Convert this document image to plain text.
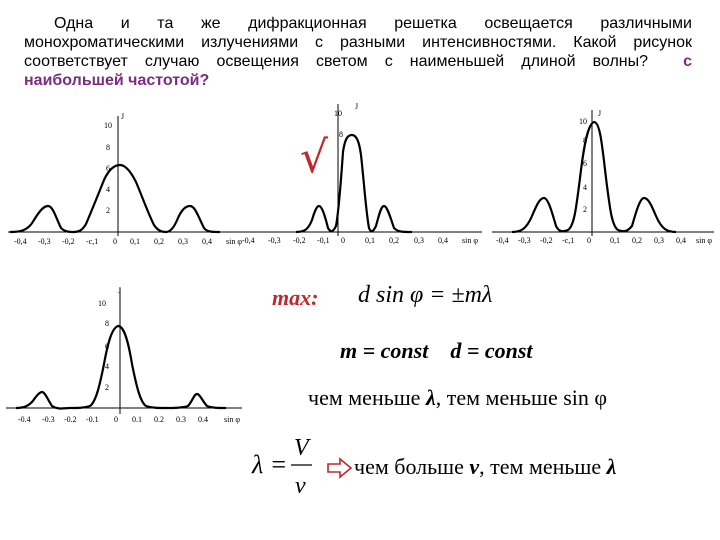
Одна и та же дифракционная решетка освещается различными монохроматическими излучениями с разными интенсивностями. Какой рисунок соответствует случаю освещения светом с наименьшей длиной волны? с наибольшей частотой?
J
10
8
6
4
2
-0,4 -0,3 -0,2 -c,1 0 0,1 0,2 0,3 0,4 sin φ
J
10
8
-0,4 -0,3 -0,2 -0,1 0	0,1 0,2 0,3 0,4 sin φ
J
10
8
6
4
2
-0,4 -0,3 -0,2 -c,1 0 0,1 0,2 0,3 0,4 sin φ
J
10
8
6
4
2
-0.4 -0.3 -0.2 -0.1 0 0.1 0.2 0.3 0.4 sin φ
√
max: d sin φ = ±mλ
m = const d = const
чем меньше λ, тем меньше sin φ
λ =
V
ν
чем больше ν, тем меньше λ
